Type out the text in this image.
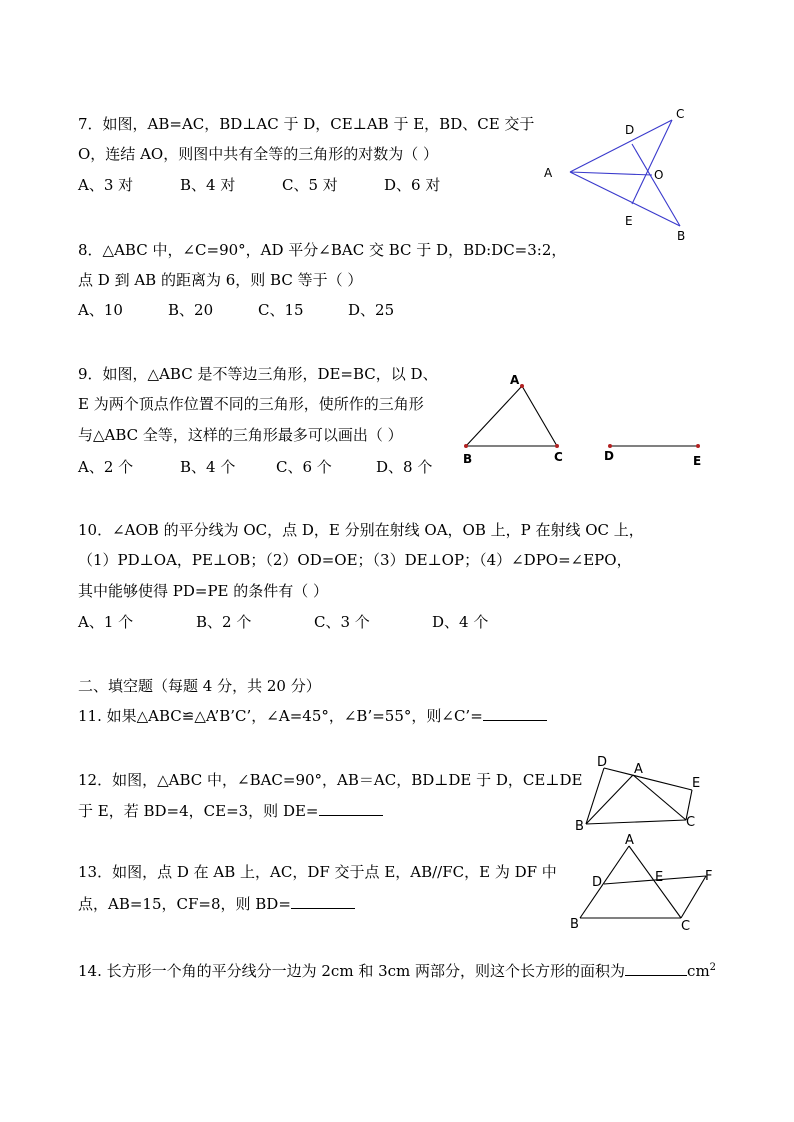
7．如图，AB=AC，BD⊥AC 于 D，CE⊥AB 于 E，BD、CE 交于
O，连结 AO，则图中共有全等的三角形的对数为（ ）
A、3 对	B、4 对	C、5 对	D、6 对
A
C
D
O
E
B
8．△ABC 中，∠C=90°，AD 平分∠BAC 交 BC 于 D，BD:DC=3:2，
点 D 到 AB 的距离为 6，则 BC 等于（ ）
A、10	B、20	C、15	D、25
9．如图，△ABC 是不等边三角形，DE=BC，以 D、
E 为两个顶点作位置不同的三角形，使所作的三角形
与△ABC 全等，这样的三角形最多可以画出（ ）
A、2 个	B、4 个	C、6 个	D、8 个
A
B	C	D	E
10．∠AOB 的平分线为 OC，点 D，E 分别在射线 OA，OB 上，P 在射线 OC 上，
（1）PD⊥OA，PE⊥OB；（2）OD=OE；（3）DE⊥OP；（4）∠DPO=∠EPO，
其中能够使得 PD=PE 的条件有（ ）
A、1 个	B、2 个	C、3 个	D、4 个
二、填空题（每题 4 分，共 20 分）
11. 如果△ABC≌△A’B’C’，∠A=45°，∠B’=55°，则∠C’=
12．如图，△ABC 中，∠BAC=90°，AB＝AC，BD⊥DE 于 D，CE⊥DE
于 E，若 BD=4，CE=3，则 DE=
D A
E
B	C
13．如图，点 D 在 AB 上，AC，DF 交于点 E，AB//FC，E 为 DF 中
点，AB=15，CF=8，则 BD=
A
D	E	F
B	C
14. 长方形一个角的平分线分一边为 2cm 和 3cm 两部分，则这个长方形的面积为	$cm^2$
